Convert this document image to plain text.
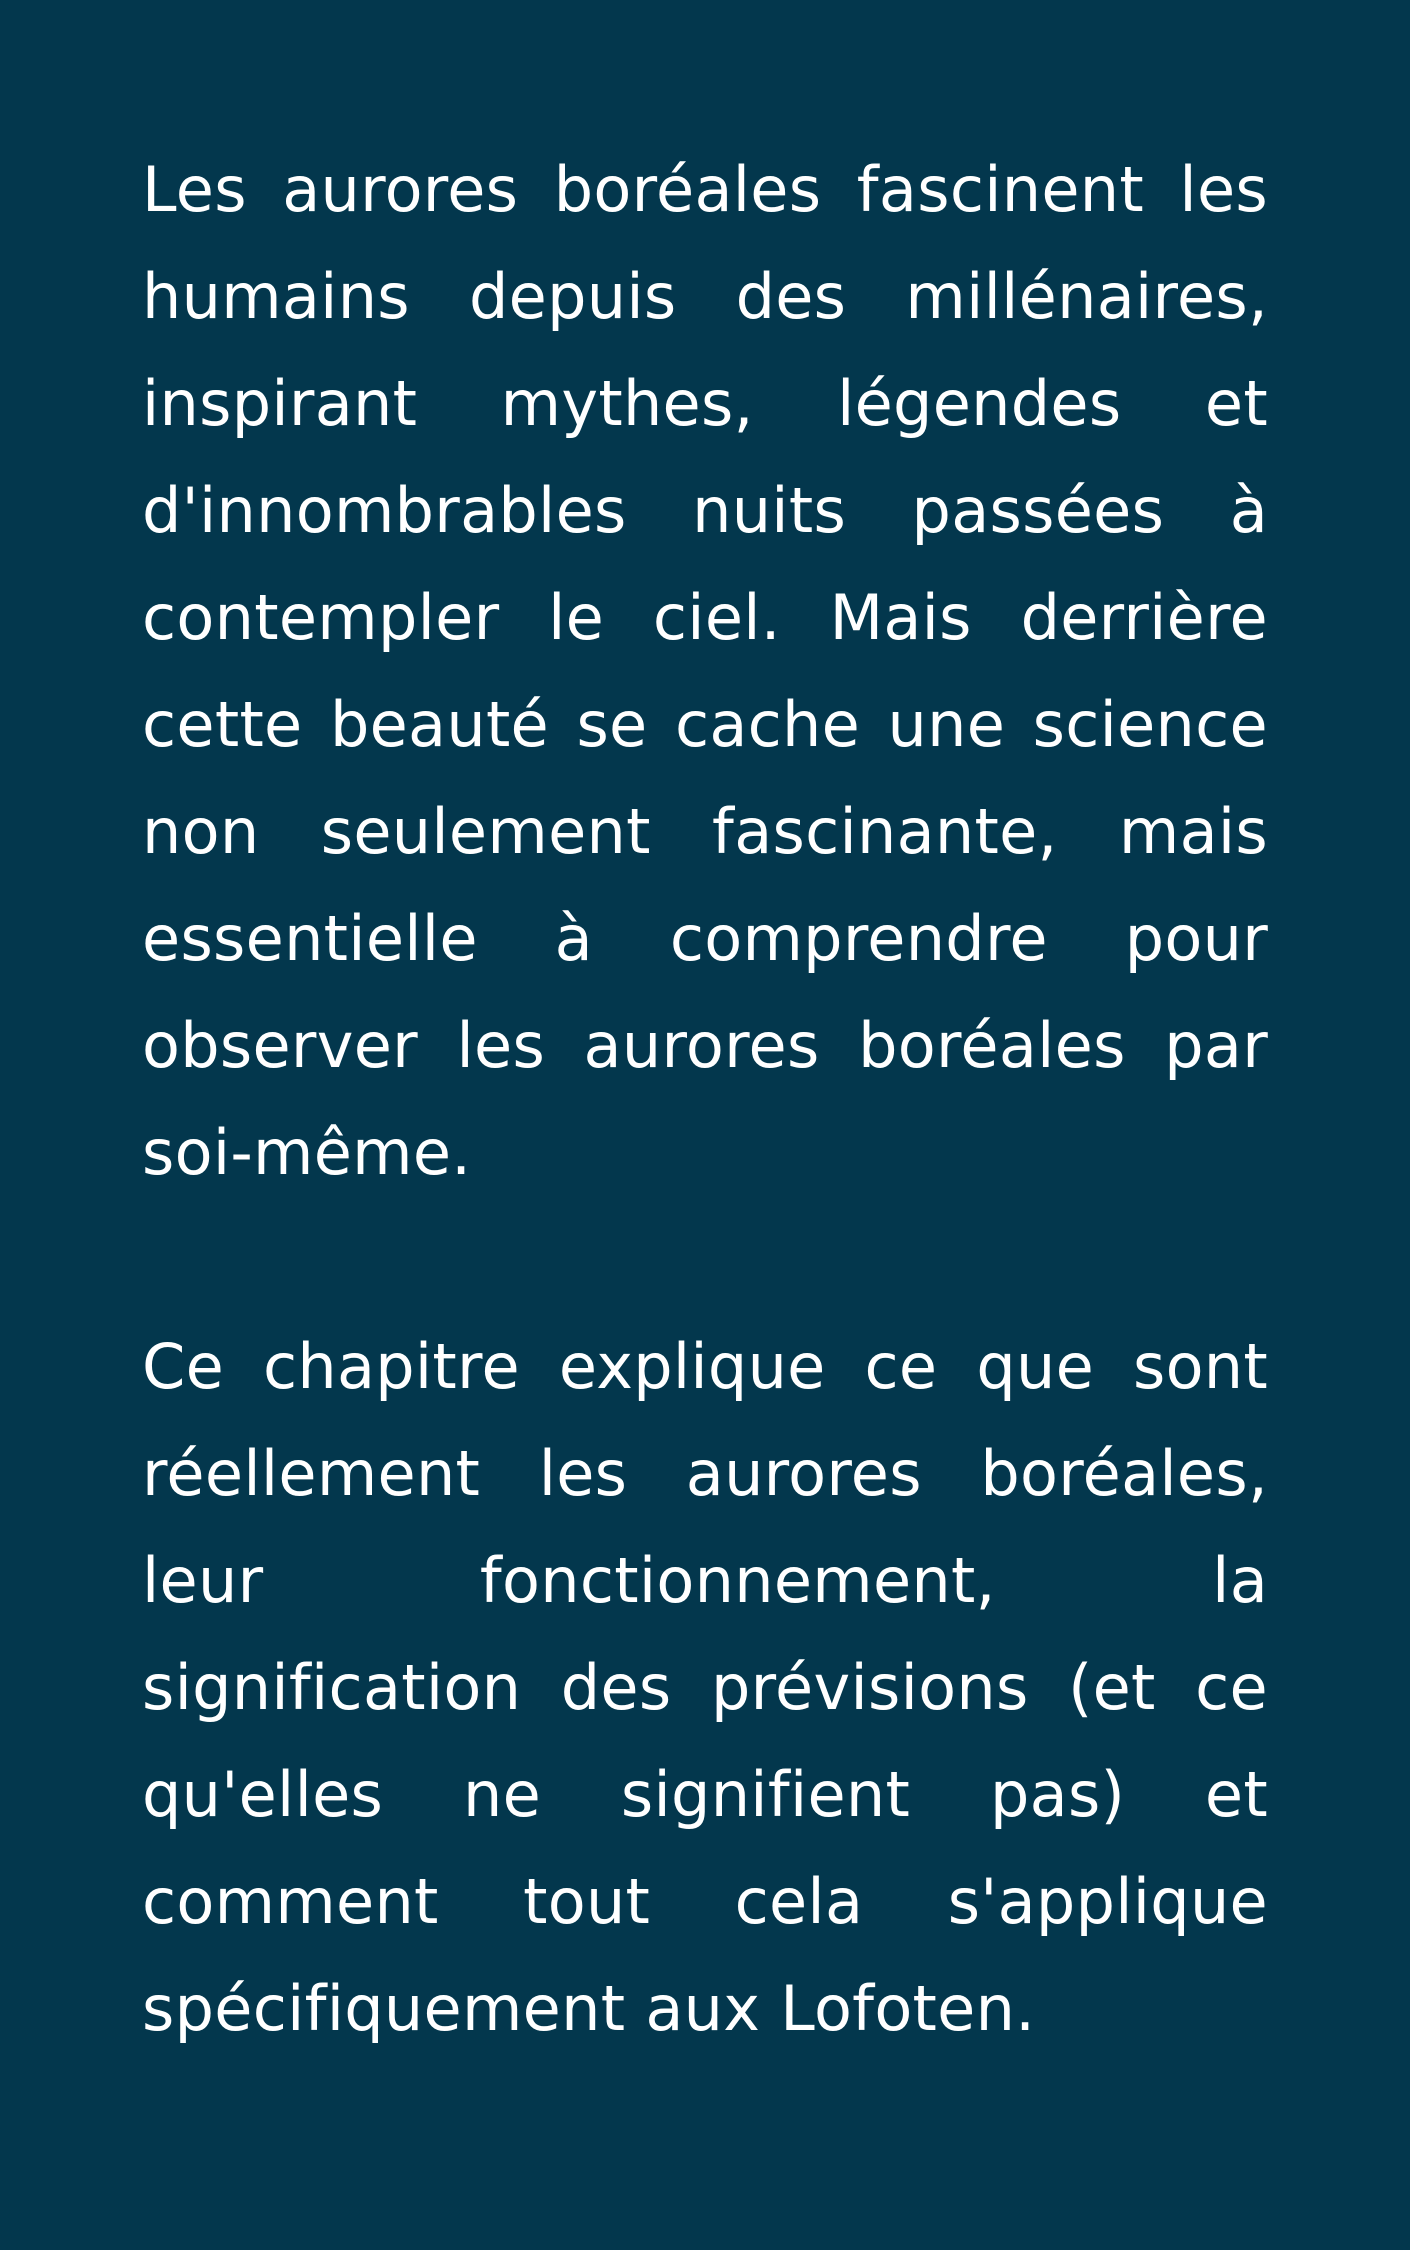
Les aurores boréales fascinent les humains depuis des millénaires, inspirant mythes, légendes et d'innombrables nuits passées à contempler le ciel. Mais derrière cette beauté se cache une science non seulement fascinante, mais essentielle à comprendre pour observer les aurores boréales par soi-même.

Ce chapitre explique ce que sont réellement les aurores boréales, leur fonctionnement, la signification des prévisions (et ce qu'elles ne signifient pas) et comment tout cela s'applique spécifiquement aux Lofoten.
